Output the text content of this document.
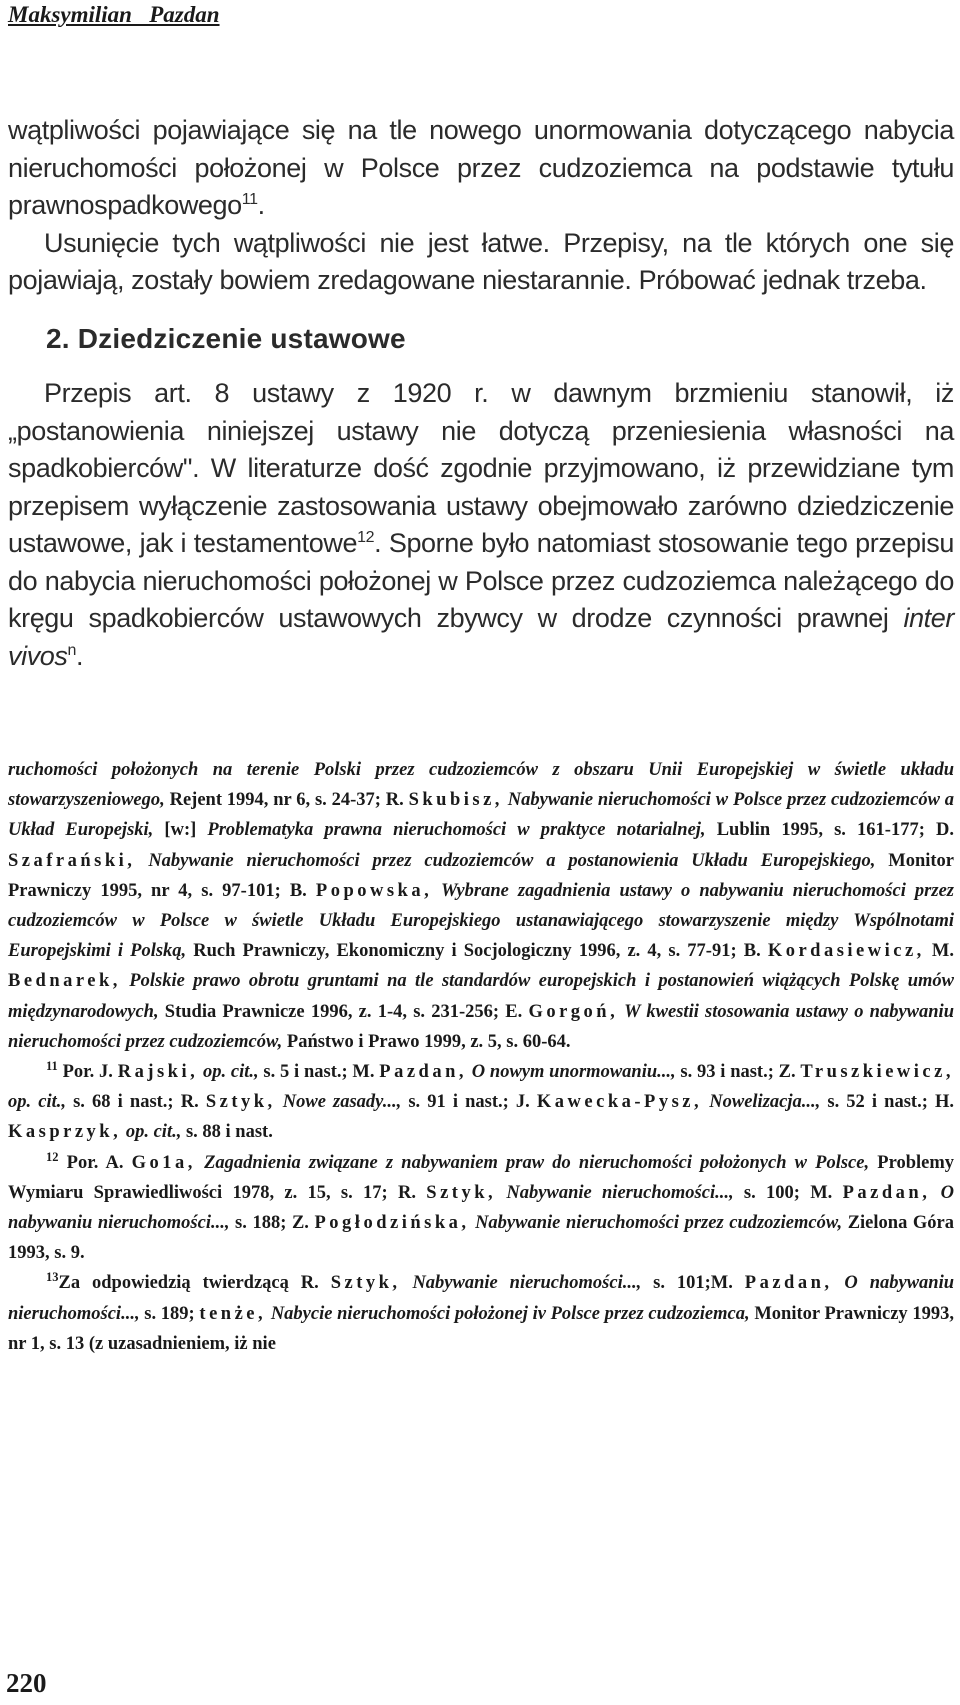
Maksymilian   Pazdan

wątpliwości pojawiające się na tle nowego unormowania dotyczącego nabycia nieruchomości położonej w Polsce przez cudzoziemca na podstawie tytułu prawnospadkowego$^{11}$.

Usunięcie tych wątpliwości nie jest łatwe. Przepisy, na tle których one się pojawiają, zostały bowiem zredagowane niestarannie. Próbować jednak trzeba.

2. Dziedziczenie ustawowe

Przepis art. 8 ustawy z 1920 r. w dawnym brzmieniu stanowił, iż „postanowienia niniejszej ustawy nie dotyczą przeniesienia własności na spadkobierców". W literaturze dość zgodnie przyjmowano, iż przewidziane tym przepisem wyłączenie zastosowania ustawy obejmowało zarówno dziedziczenie ustawowe, jak i testamentowe$^{12}$. Sporne było natomiast stosowanie tego przepisu do nabycia nieruchomości położonej w Polsce przez cudzoziemca należącego do kręgu spadkobierców ustawowych zbywcy w drodze czynności prawnej inter vivos$^n$.

ruchomości położonych na terenie Polski przez cudzoziemców z obszaru Unii Europejskiej w świetle układu stowarzyszeniowego, Rejent 1994, nr 6, s. 24-37; R. Skubisz, Nabywanie nieruchomości w Polsce przez cudzoziemców a Układ Europejski, [w:] Problematyka prawna nieruchomości w praktyce notarialnej, Lublin 1995, s. 161-177; D. Szafrański, Nabywanie nieruchomości przez cudzoziemców a postanowienia Układu Europejskiego, Monitor Prawniczy 1995, nr 4, s. 97-101; B. Popowska, Wybrane zagadnienia ustawy o nabywaniu nieruchomości przez cudzoziemców w Polsce w świetle Układu Europejskiego ustanawiającego stowarzyszenie między Wspólnotami Europejskimi i Polską, Ruch Prawniczy, Ekonomiczny i Socjologiczny 1996, z. 4, s. 77-91; B. Kordasiewicz, M. Bednarek, Polskie prawo obrotu gruntami na tle standardów europejskich i postanowień wiążących Polskę umów międzynarodowych, Studia Prawnicze 1996, z. 1-4, s. 231-256; E. Gorgoń, W kwestii stosowania ustawy o nabywaniu nieruchomości przez cudzoziemców, Państwo i Prawo 1999, z. 5, s. 60-64.

$^{11}$ Por. J. Rajski, op. cit., s. 5 i nast.; M. Pazdan, O nowym unormowaniu..., s. 93 i nast.; Z. Truszkiewicz, op. cit., s. 68 i nast.; R. Sztyk, Nowe zasady..., s. 91 i nast.; J. Kawecka-Pysz, Nowelizacja..., s. 52 i nast.; H. Kasprzyk, op. cit., s. 88 i nast.

$^{12}$ Por. A. Go1a, Zagadnienia związane z nabywaniem praw do nieruchomości położonych w Polsce, Problemy Wymiaru Sprawiedliwości 1978, z. 15, s. 17; R. Sztyk, Nabywanie nieruchomości..., s. 100; M. Pazdan, O nabywaniu nieruchomości..., s. 188; Z. Pogłodzińska, Nabywanie nieruchomości przez cudzoziemców, Zielona Góra 1993, s. 9.

$^{13}$Za odpowiedzią twierdzącą R. Sztyk, Nabywanie nieruchomości..., s. 101;M. Pazdan, O nabywaniu nieruchomości..., s. 189; tenże, Nabycie nieruchomości położonej iv Polsce przez cudzoziemca, Monitor Prawniczy 1993, nr 1, s. 13 (z uzasadnieniem, iż nie

220
